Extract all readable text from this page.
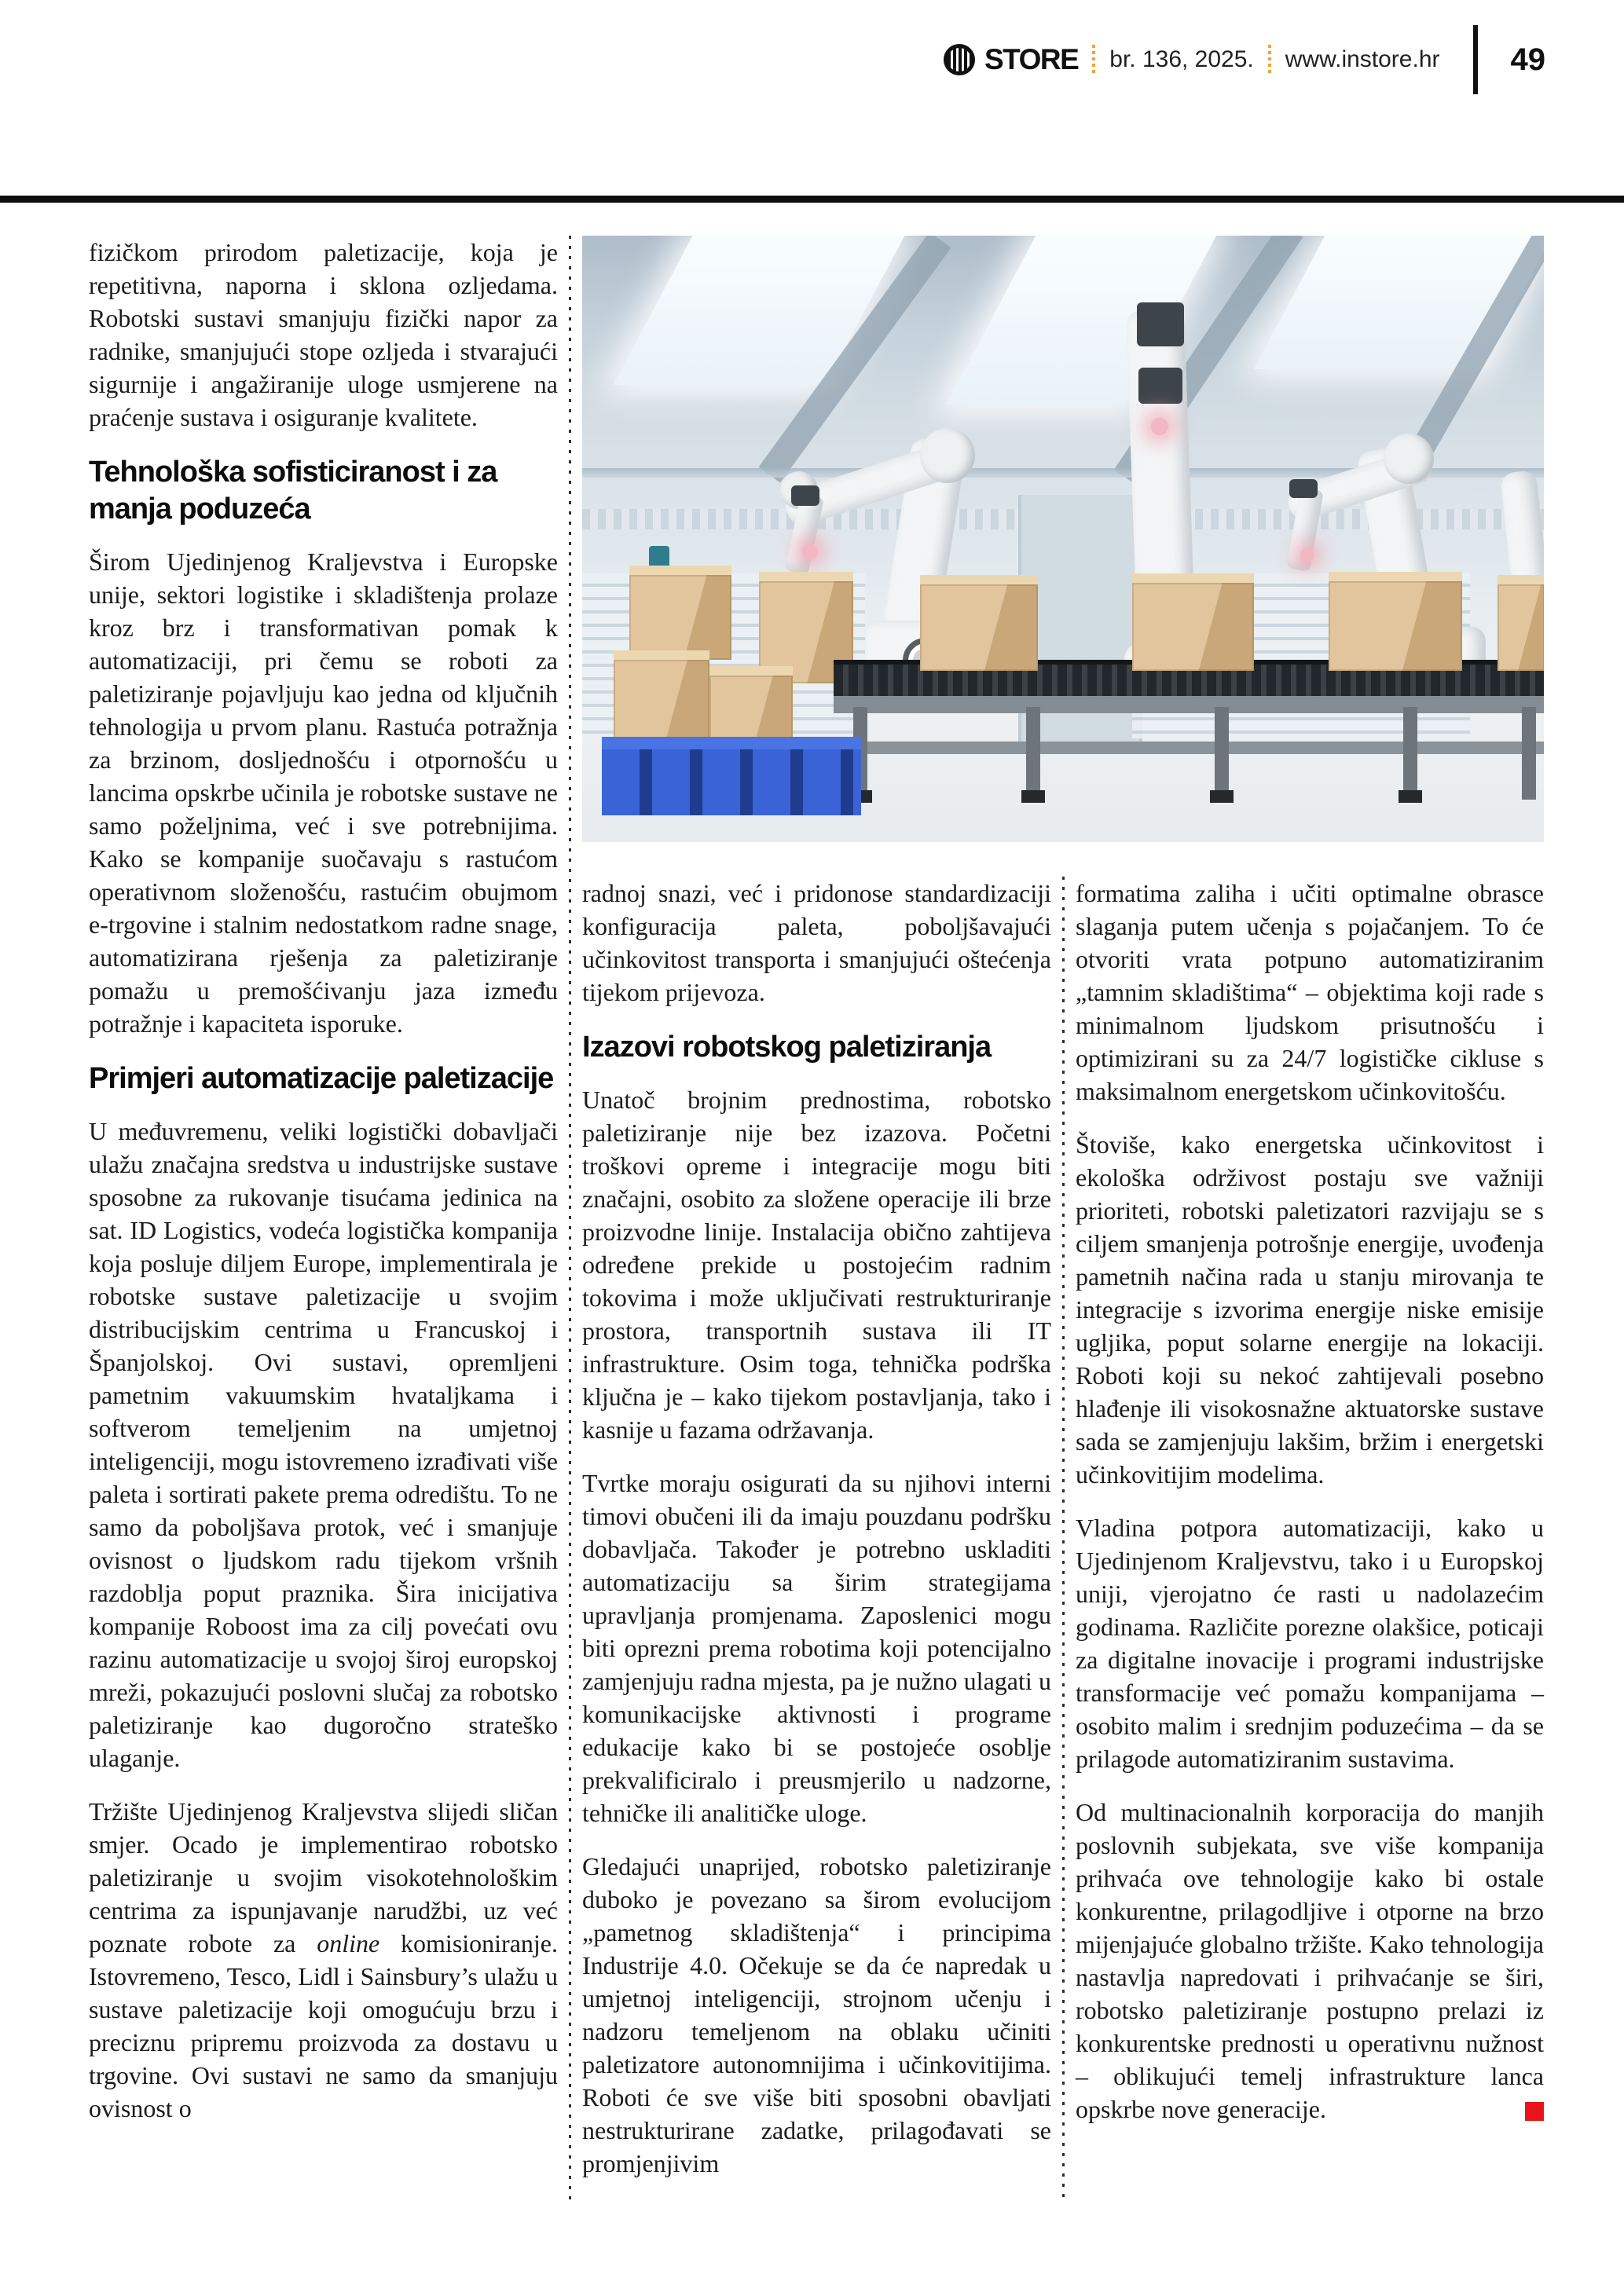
STORE br. 136, 2025. www.instore.hr 49

fizičkom prirodom paletizacije, koja je repetitivna, naporna i sklona ozljedama. Robotski sustavi smanjuju fizički napor za radnike, smanjujući stope ozljeda i stvarajući sigurnije i angažiranije uloge usmjerene na praćenje sustava i osiguranje kvalitete.

Tehnološka sofisticiranost i za manja poduzeća

Širom Ujedinjenog Kraljevstva i Europske unije, sektori logistike i skladištenja prolaze kroz brz i transformativan pomak k automatizaciji, pri čemu se roboti za paletiziranje pojavljuju kao jedna od ključnih tehnologija u prvom planu. Rastuća potražnja za brzinom, dosljednošću i otpornošću u lancima opskrbe učinila je robotske sustave ne samo poželjnima, već i sve potrebnijima. Kako se kompanije suočavaju s rastućom operativnom složenošću, rastućim obujmom e-trgovine i stalnim nedostatkom radne snage, automatizirana rješenja za paletiziranje pomažu u premošćivanju jaza između potražnje i kapaciteta isporuke.

Primjeri automatizacije paletizacije

U međuvremenu, veliki logistički dobavljači ulažu značajna sredstva u industrijske sustave sposobne za rukovanje tisućama jedinica na sat. ID Logistics, vodeća logistička kompanija koja posluje diljem Europe, implementirala je robotske sustave paletizacije u svojim distribucijskim centrima u Francuskoj i Španjolskoj. Ovi sustavi, opremljeni pametnim vakuumskim hvataljkama i softverom temeljenim na umjetnoj inteligenciji, mogu istovremeno izrađivati više paleta i sortirati pakete prema odredištu. To ne samo da poboljšava protok, već i smanjuje ovisnost o ljudskom radu tijekom vršnih razdoblja poput praznika. Šira inicijativa kompanije Roboost ima za cilj povećati ovu razinu automatizacije u svojoj široj europskoj mreži, pokazujući poslovni slučaj za robotsko paletiziranje kao dugoročno strateško ulaganje.

Tržište Ujedinjenog Kraljevstva slijedi sličan smjer. Ocado je implementirao robotsko paletiziranje u svojim visokotehnološkim centrima za ispunjavanje narudžbi, uz već poznate robote za online komisioniranje. Istovremeno, Tesco, Lidl i Sainsbury’s ulažu u sustave paletizacije koji omogućuju brzu i preciznu pripremu proizvoda za dostavu u trgovine. Ovi sustavi ne samo da smanjuju ovisnost o

radnoj snazi, već i pridonose standardizaciji konfiguracija paleta, poboljšavajući učinkovitost transporta i smanjujući oštećenja tijekom prijevoza.

Izazovi robotskog paletiziranja

Unatoč brojnim prednostima, robotsko paletiziranje nije bez izazova. Početni troškovi opreme i integracije mogu biti značajni, osobito za složene operacije ili brze proizvodne linije. Instalacija obično zahtijeva određene prekide u postojećim radnim tokovima i može uključivati restrukturiranje prostora, transportnih sustava ili IT infrastrukture. Osim toga, tehnička podrška ključna je – kako tijekom postavljanja, tako i kasnije u fazama održavanja.

Tvrtke moraju osigurati da su njihovi interni timovi obučeni ili da imaju pouzdanu podršku dobavljača. Također je potrebno uskladiti automatizaciju sa širim strategijama upravljanja promjenama. Zaposlenici mogu biti oprezni prema robotima koji potencijalno zamjenjuju radna mjesta, pa je nužno ulagati u komunikacijske aktivnosti i programe edukacije kako bi se postojeće osoblje prekvalificiralo i preusmjerilo u nadzorne, tehničke ili analitičke uloge.

Gledajući unaprijed, robotsko paletiziranje duboko je povezano sa širom evolucijom „pametnog skladištenja“ i principima Industrije 4.0. Očekuje se da će napredak u umjetnoj inteligenciji, strojnom učenju i nadzoru temeljenom na oblaku učiniti paletizatore autonomnijima i učinkovitijima. Roboti će sve više biti sposobni obavljati nestrukturirane zadatke, prilagođavati se promjenjivim

formatima zaliha i učiti optimalne obrasce slaganja putem učenja s pojačanjem. To će otvoriti vrata potpuno automatiziranim „tamnim skladištima“ – objektima koji rade s minimalnom ljudskom prisutnošću i optimizirani su za 24/7 logističke cikluse s maksimalnom energetskom učinkovitošću.

Štoviše, kako energetska učinkovitost i ekološka održivost postaju sve važniji prioriteti, robotski paletizatori razvijaju se s ciljem smanjenja potrošnje energije, uvođenja pametnih načina rada u stanju mirovanja te integracije s izvorima energije niske emisije ugljika, poput solarne energije na lokaciji. Roboti koji su nekoć zahtijevali posebno hlađenje ili visokosnažne aktuatorske sustave sada se zamjenjuju lakšim, bržim i energetski učinkovitijim modelima.

Vladina potpora automatizaciji, kako u Ujedinjenom Kraljevstvu, tako i u Europskoj uniji, vjerojatno će rasti u nadolazećim godinama. Različite porezne olakšice, poticaji za digitalne inovacije i programi industrijske transformacije već pomažu kompanijama – osobito malim i srednjim poduzećima – da se prilagode automatiziranim sustavima.

Od multinacionalnih korporacija do manjih poslovnih subjekata, sve više kompanija prihvaća ove tehnologije kako bi ostale konkurentne, prilagodljive i otporne na brzo mijenjajuće globalno tržište. Kako tehnologija nastavlja napredovati i prihvaćanje se širi, robotsko paletiziranje postupno prelazi iz konkurentske prednosti u operativnu nužnost – oblikujući temelj infrastrukture lanca opskrbe nove generacije.
